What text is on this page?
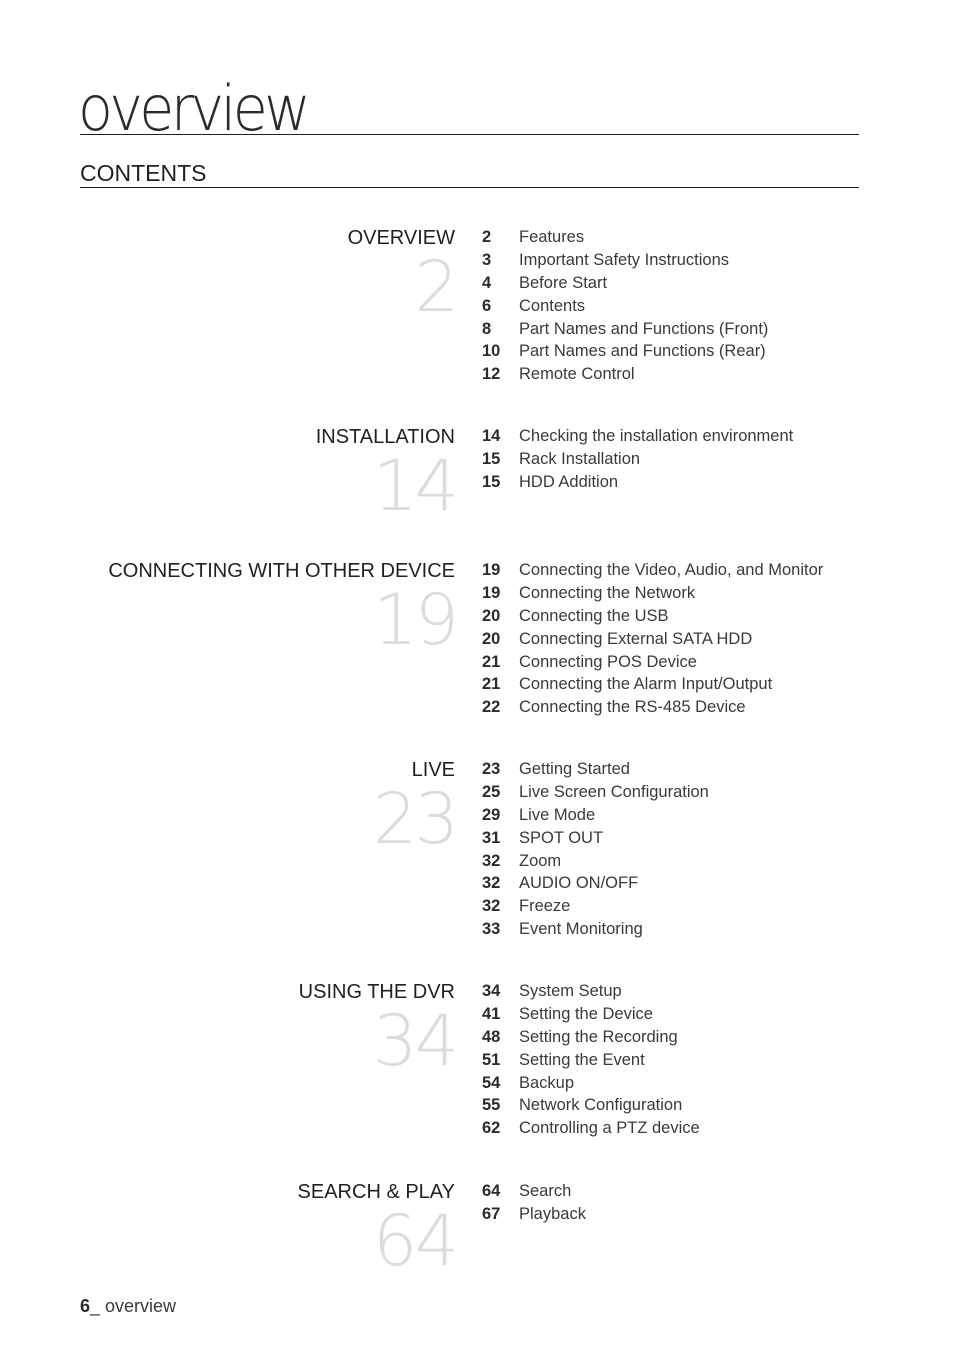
overview
CONTENTS
OVERVIEW
2
2 Features
3 Important Safety Instructions
4 Before Start
6 Contents
8 Part Names and Functions (Front)
10 Part Names and Functions (Rear)
12 Remote Control
INSTALLATION
14
14 Checking the installation environment
15 Rack Installation
15 HDD Addition
CONNECTING WITH OTHER DEVICE
19
19 Connecting the Video, Audio, and Monitor
19 Connecting the Network
20 Connecting the USB
20 Connecting External SATA HDD
21 Connecting POS Device
21 Connecting the Alarm Input/Output
22 Connecting the RS-485 Device
LIVE
23
23 Getting Started
25 Live Screen Configuration
29 Live Mode
31 SPOT OUT
32 Zoom
32 AUDIO ON/OFF
32 Freeze
33 Event Monitoring
USING THE DVR
34
34 System Setup
41 Setting the Device
48 Setting the Recording
51 Setting the Event
54 Backup
55 Network Configuration
62 Controlling a PTZ device
SEARCH & PLAY
64
64 Search
67 Playback
6_ overview
